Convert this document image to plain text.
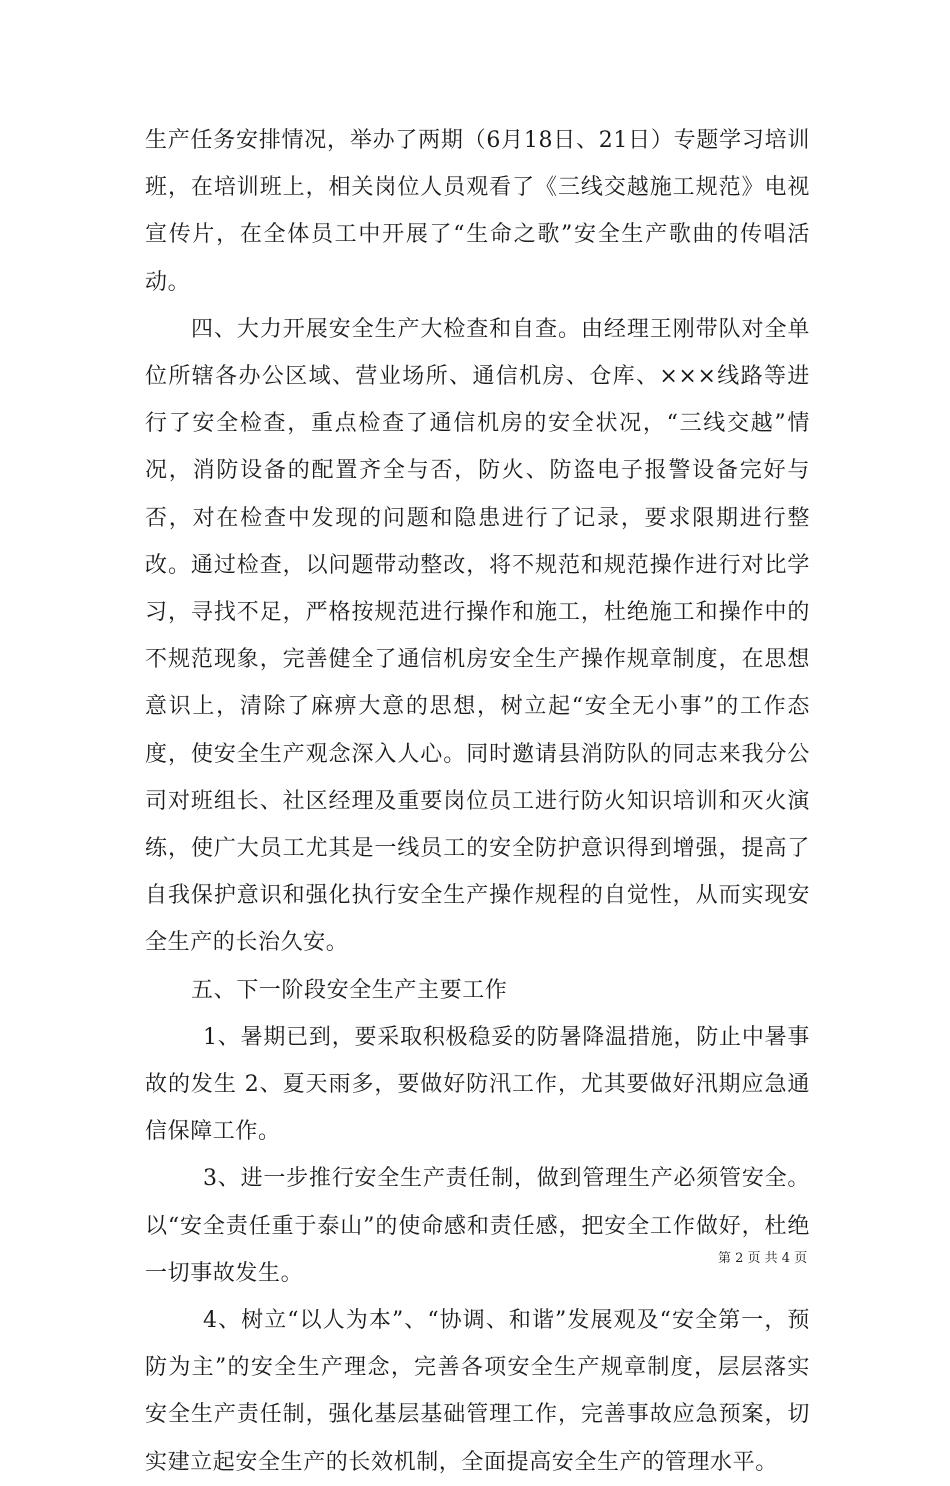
生产任务安排情况，举办了两期（6月18日、21日）专题学习培训班，在培训班上，相关岗位人员观看了《三线交越施工规范》电视宣传片，在全体员工中开展了“生命之歌”安全生产歌曲的传唱活动。

四、大力开展安全生产大检查和自查。由经理王刚带队对全单位所辖各办公区域、营业场所、通信机房、仓库、×××线路等进行了安全检查，重点检查了通信机房的安全状况，“三线交越”情况，消防设备的配置齐全与否，防火、防盗电子报警设备完好与否，对在检查中发现的问题和隐患进行了记录，要求限期进行整改。通过检查，以问题带动整改，将不规范和规范操作进行对比学习，寻找不足，严格按规范进行操作和施工，杜绝施工和操作中的不规范现象，完善健全了通信机房安全生产操作规章制度，在思想意识上，清除了麻痹大意的思想，树立起“安全无小事”的工作态度，使安全生产观念深入人心。同时邀请县消防队的同志来我分公司对班组长、社区经理及重要岗位员工进行防火知识培训和灭火演练，使广大员工尤其是一线员工的安全防护意识得到增强，提高了自我保护意识和强化执行安全生产操作规程的自觉性，从而实现安全生产的长治久安。

五、下一阶段安全生产主要工作

1、暑期已到，要采取积极稳妥的防暑降温措施，防止中暑事故的发生 2、夏天雨多，要做好防汛工作，尤其要做好汛期应急通信保障工作。

3、进一步推行安全生产责任制，做到管理生产必须管安全。以“安全责任重于泰山”的使命感和责任感，把安全工作做好，杜绝一切事故发生。

4、树立“以人为本”、“协调、和谐”发展观及“安全第一，预防为主”的安全生产理念，完善各项安全生产规章制度，层层落实安全生产责任制，强化基层基础管理工作，完善事故应急预案，切实建立起安全生产的长效机制，全面提高安全生产的管理水平。

第 2 页 共 4 页
